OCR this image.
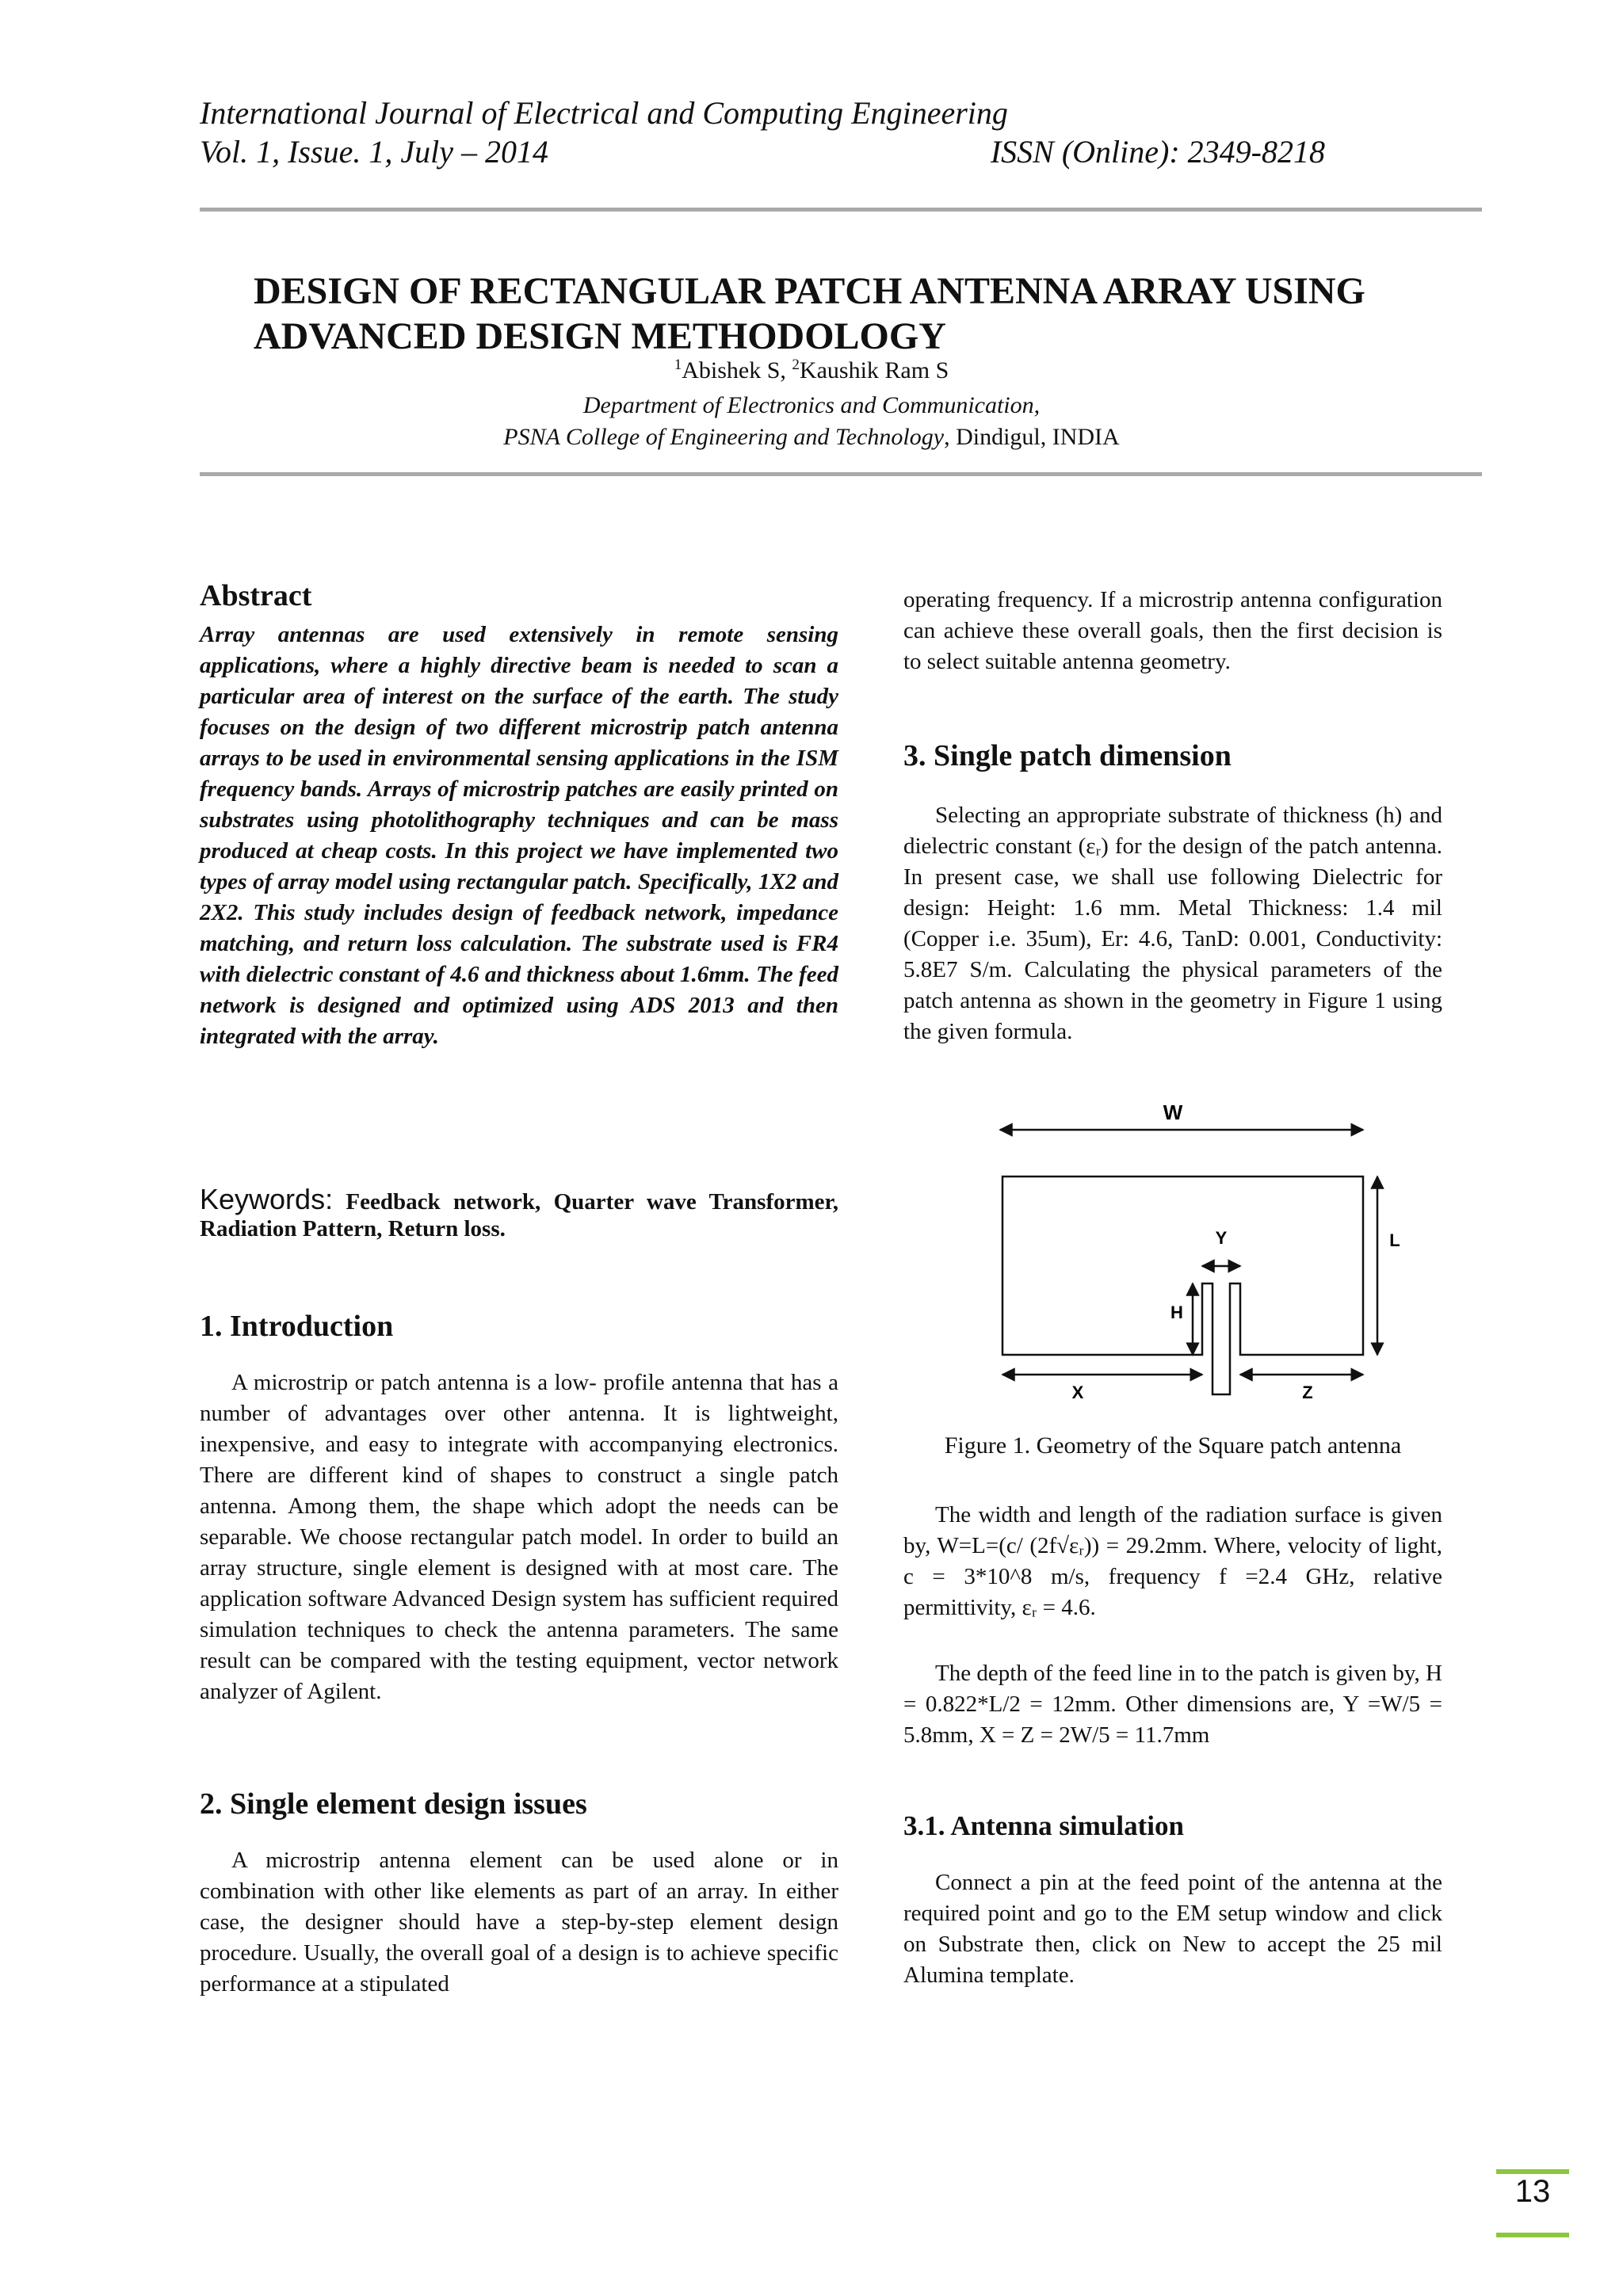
International Journal of Electrical and Computing Engineering
Vol. 1, Issue. 1, July – 2014	ISSN (Online): 2349-8218
DESIGN OF RECTANGULAR PATCH ANTENNA ARRAY USING
ADVANCED DESIGN METHODOLOGY
$^1$Abishek S, $^2$Kaushik Ram S
Department of Electronics and Communication,
PSNA College of Engineering and Technology, Dindigul, INDIA
Abstract
Array antennas are used extensively in remote sensing applications, where a highly directive beam is needed to scan a particular area of interest on the surface of the earth. The study focuses on the design of two different microstrip patch antenna arrays to be used in environmental sensing applications in the ISM frequency bands. Arrays of microstrip patches are easily printed on substrates using photolithography techniques and can be mass produced at cheap costs. In this project we have implemented two types of array model using rectangular patch. Specifically, 1X2 and 2X2. This study includes design of feedback network, impedance matching, and return loss calculation. The substrate used is FR4 with dielectric constant of 4.6 and thickness about 1.6mm. The feed network is designed and optimized using ADS 2013 and then integrated with the array.
Keywords: Feedback network, Quarter wave Transformer, Radiation Pattern, Return loss.
1. Introduction
A microstrip or patch antenna is a low- profile antenna that has a number of advantages over other antenna. It is lightweight, inexpensive, and easy to integrate with accompanying electronics. There are different kind of shapes to construct a single patch antenna. Among them, the shape which adopt the needs can be separable. We choose rectangular patch model. In order to build an array structure, single element is designed with at most care. The application software Advanced Design system has sufficient required simulation techniques to check the antenna parameters. The same result can be compared with the testing equipment, vector network analyzer of Agilent.
2. Single element design issues
A microstrip antenna element can be used alone or in combination with other like elements as part of an array. In either case, the designer should have a step-by-step element design procedure. Usually, the overall goal of a design is to achieve specific performance at a stipulated
operating frequency. If a microstrip antenna configuration can achieve these overall goals, then the first decision is to select suitable antenna geometry.
3. Single patch dimension
Selecting an appropriate substrate of thickness (h) and dielectric constant (εᵣ) for the design of the patch antenna. In present case, we shall use following Dielectric for design: Height: 1.6 mm. Metal Thickness: 1.4 mil (Copper i.e. 35um), Er: 4.6, TanD: 0.001, Conductivity: 5.8E7 S/m. Calculating the physical parameters of the patch antenna as shown in the geometry in Figure 1 using the given formula.
W
L
Y
H
X	Z
Figure 1. Geometry of the Square patch antenna
The width and length of the radiation surface is given by, W=L=(c/ (2f√εᵣ)) = 29.2mm. Where, velocity of light, c = 3*10^8 m/s, frequency f =2.4 GHz, relative permittivity, εᵣ = 4.6.
The depth of the feed line in to the patch is given by, H = 0.822*L/2 = 12mm. Other dimensions are, Y =W/5 = 5.8mm, X = Z = 2W/5 = 11.7mm
3.1. Antenna simulation
Connect a pin at the feed point of the antenna at the required point and go to the EM setup window and click on Substrate then, click on New to accept the 25 mil Alumina template.
13
